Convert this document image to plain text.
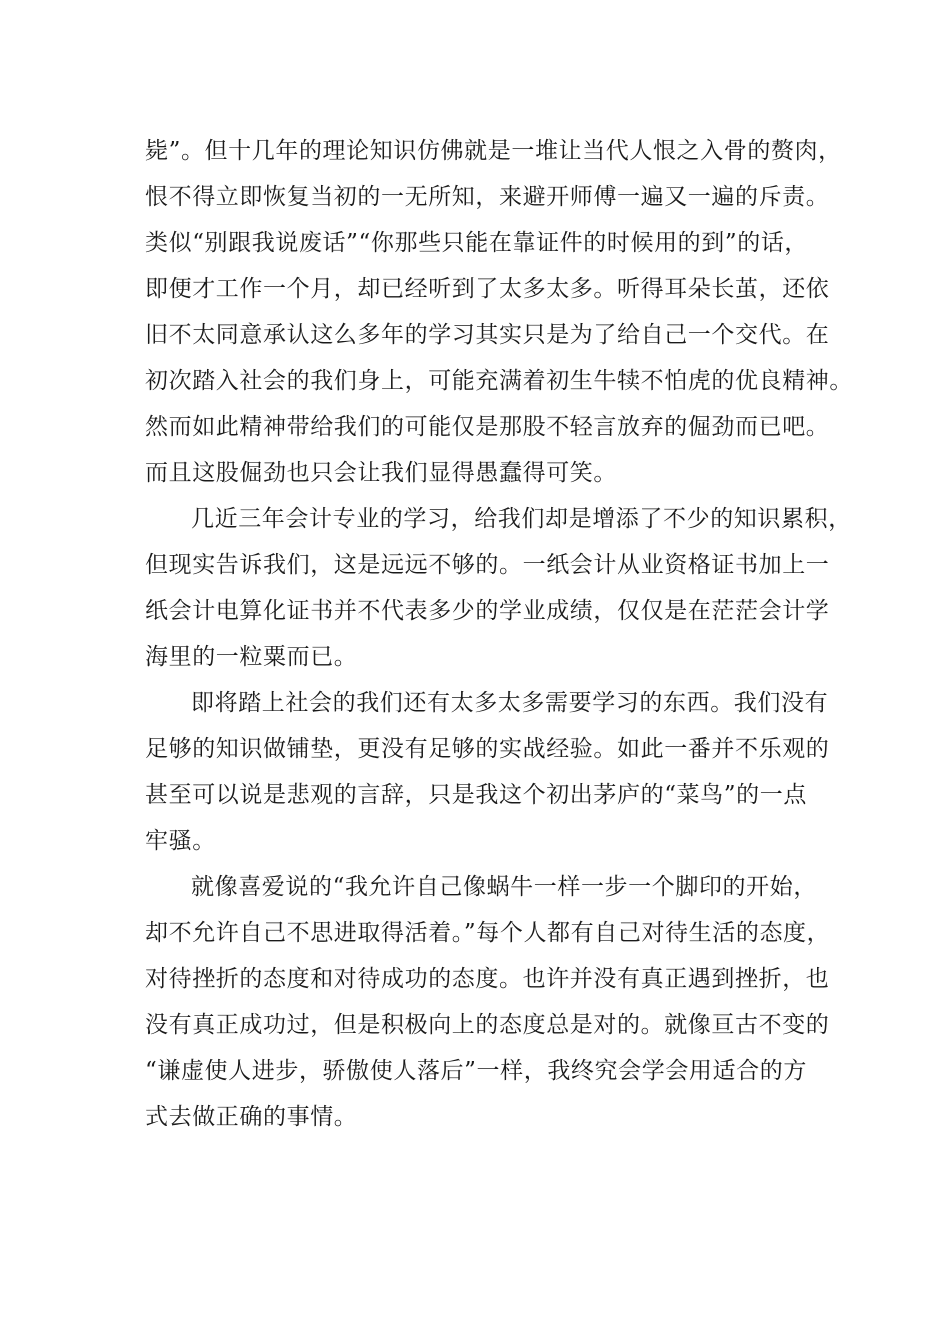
毙”。但十几年的理论知识仿佛就是一堆让当代人恨之入骨的赘肉，
恨不得立即恢复当初的一无所知，来避开师傅一遍又一遍的斥责。
类似“别跟我说废话”“你那些只能在靠证件的时候用的到”的话，
即便才工作一个月，却已经听到了太多太多。听得耳朵长茧，还依
旧不太同意承认这么多年的学习其实只是为了给自己一个交代。在
初次踏入社会的我们身上，可能充满着初生牛犊不怕虎的优良精神。
然而如此精神带给我们的可能仅是那股不轻言放弃的倔劲而已吧。
而且这股倔劲也只会让我们显得愚蠢得可笑。
几近三年会计专业的学习，给我们却是增添了不少的知识累积，
但现实告诉我们，这是远远不够的。一纸会计从业资格证书加上一
纸会计电算化证书并不代表多少的学业成绩，仅仅是在茫茫会计学
海里的一粒粟而已。
即将踏上社会的我们还有太多太多需要学习的东西。我们没有
足够的知识做铺垫，更没有足够的实战经验。如此一番并不乐观的
甚至可以说是悲观的言辞，只是我这个初出茅庐的“菜鸟”的一点
牢骚。
就像喜爱说的“我允许自己像蜗牛一样一步一个脚印的开始，
却不允许自己不思进取得活着。”每个人都有自己对待生活的态度，
对待挫折的态度和对待成功的态度。也许并没有真正遇到挫折，也
没有真正成功过，但是积极向上的态度总是对的。就像亘古不变的
“谦虚使人进步，骄傲使人落后”一样，我终究会学会用适合的方
式去做正确的事情。
